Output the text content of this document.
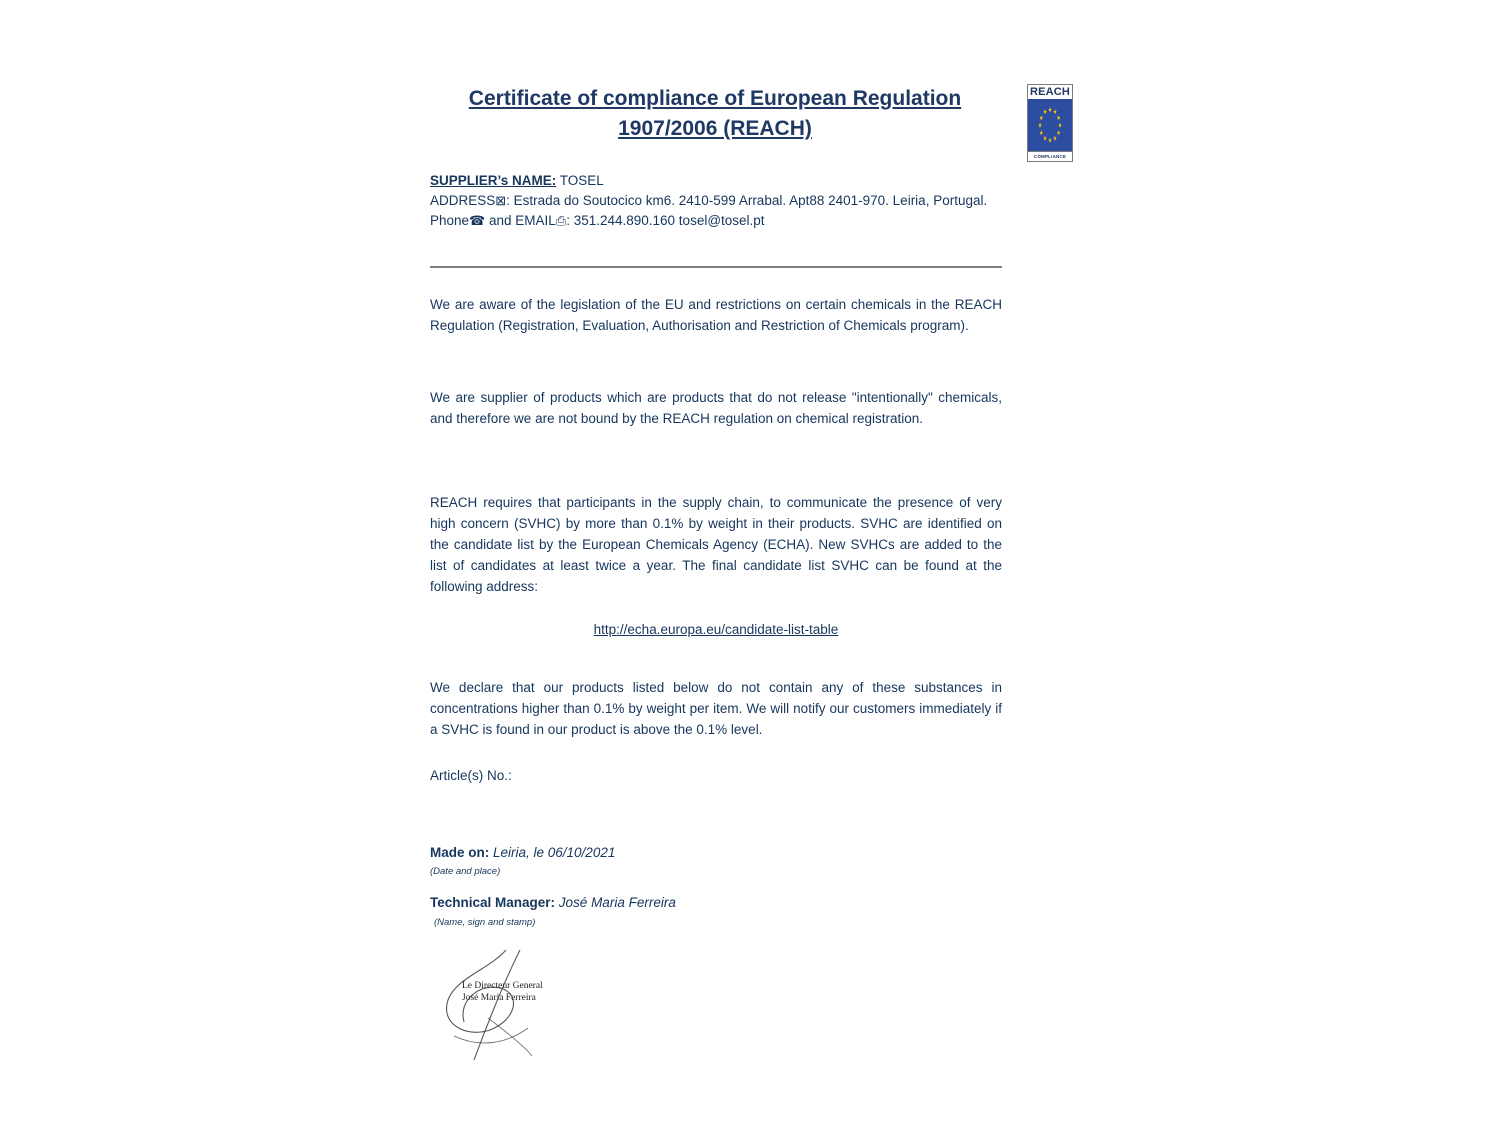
Certificate of compliance of European Regulation
1907/2006 (REACH)
REACH
★ ★
★
★
★
★
★
★
★
★
★
★
COMPLIANCE
SUPPLIER’s NAME: TOSEL
ADDRESS⊠: Estrada do Soutocico km6. 2410-599 Arrabal. Apt88 2401-970. Leiria, Portugal.
Phone☎ and EMAIL⎙: 351.244.890.160 tosel@tosel.pt
We are aware of the legislation of the EU and restrictions on certain chemicals in the REACH Regulation (Registration, Evaluation, Authorisation and Restriction of Chemicals program).
We are supplier of products which are products that do not release "intentionally" chemicals, and therefore we are not bound by the REACH regulation on chemical registration.
REACH requires that participants in the supply chain, to communicate the presence of very high concern (SVHC) by more than 0.1% by weight in their products. SVHC are identified on the candidate list by the European Chemicals Agency (ECHA). New SVHCs are added to the list of candidates at least twice a year. The final candidate list SVHC can be found at the following address:
http://echa.europa.eu/candidate-list-table
We declare that our products listed below do not contain any of these substances in concentrations higher than 0.1% by weight per item. We will notify our customers immediately if a SVHC is found in our product is above the 0.1% level.
Article(s) No.:
Made on: Leiria, le 06/10/2021
(Date and place)
Technical Manager: José Maria Ferreira
(Name, sign and stamp)
Le Directeur General
José Maria Ferreira
